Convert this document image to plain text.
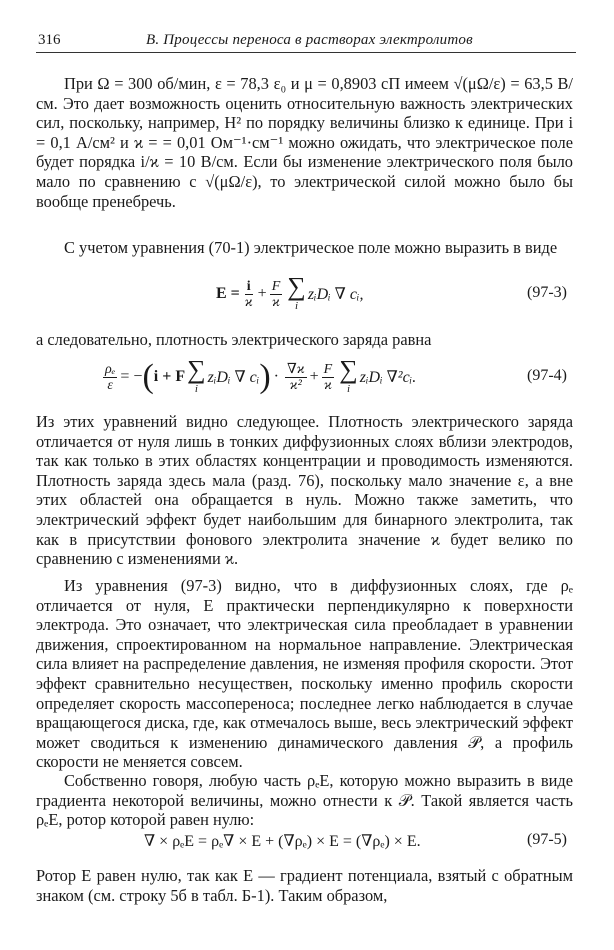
316	В. Процессы переноса в растворах электролитов

При Ω = 300 об/мин, ε = 78,3 ε₀ и μ = 0,8903 сП имеем √(μΩ/ε) = 63,5 В/см. Это дает возможность оценить относительную важность электрических сил, поскольку, например, H² по порядку величины близко к единице. При i = 0,1 А/см² и ϰ = = 0,01 Ом⁻¹·см⁻¹ можно ожидать, что электрическое поле будет порядка i/ϰ = 10 В/см. Если бы изменение электрического поля было мало по сравнению с √(μΩ/ε), то электрической силой можно было бы вообще пренебречь.

С учетом уравнения (70-1) электрическое поле можно выразить в виде

$E = \frac{i}{ϰ} + \frac{F}{ϰ}$ ∑
i
zᵢDᵢ ∇ cᵢ,	(97-3)

а следовательно, плотность электрического заряда равна

$\frac{\text{ρₑ}}{\varepsilon}$ = − ( i + F ∑
i
zᵢDᵢ ∇ cᵢ ) · $\frac{\nabla ϰ}{\text{ϰ²}} + \frac{F}{ϰ}$ ∑
i
zᵢDᵢ ∇²cᵢ.	(97-4)

Из этих уравнений видно следующее. Плотность электрического заряда отличается от нуля лишь в тонких диффузионных слоях вблизи электродов, так как только в этих областях концентрации и проводимость изменяются. Плотность заряда здесь мала (разд. 76), поскольку мало значение ε, а вне этих областей она обращается в нуль. Можно также заметить, что электрический эффект будет наибольшим для бинарного электролита, так как в присутствии фонового электролита значение ϰ будет велико по сравнению с изменениями ϰ.

Из уравнения (97-3) видно, что в диффузионных слоях, где ρₑ отличается от нуля, E практически перпендикулярно к поверхности электрода. Это означает, что электрическая сила преобладает в уравнении движения, спроектированном на нормальное направление. Электрическая сила влияет на распределение давления, не изменяя профиля скорости. Этот эффект сравнительно несуществен, поскольку именно профиль скорости определяет скорость массопереноса; последнее легко наблюдается в случае вращающегося диска, где, как отмечалось выше, весь электрический эффект может сводиться к изменению динамического давления 𝒫, а профиль скорости не меняется совсем.

Собственно говоря, любую часть ρₑE, которую можно выразить в виде градиента некоторой величины, можно отнести к 𝒫. Такой является часть ρₑE, ротор которой равен нулю:

∇ × ρₑE = ρₑ∇ × E + (∇ρₑ) × E = (∇ρₑ) × E.	(97-5)

Ротор E равен нулю, так как E — градиент потенциала, взятый с обратным знаком (см. строку 5б в табл. Б-1). Таким образом,
